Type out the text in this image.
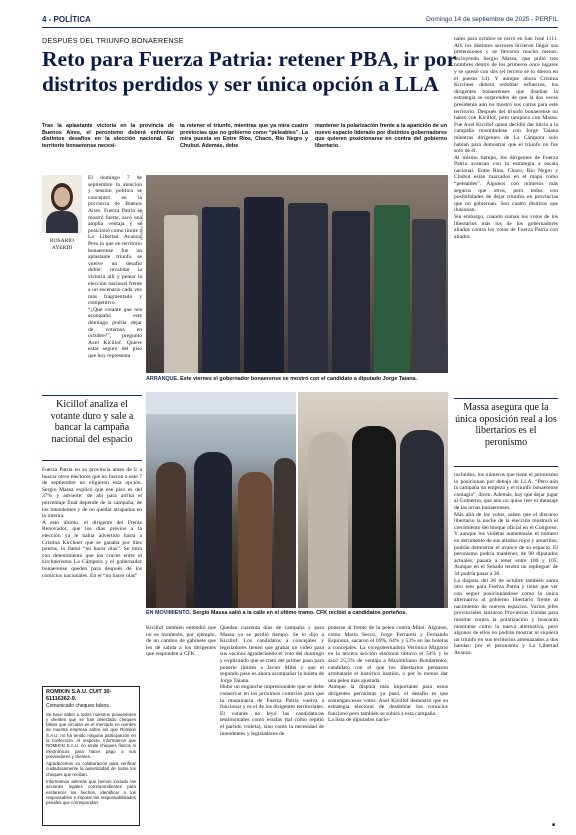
4 - POLÍTICA	Domingo 14 de septiembre de 2025 - PERFIL
DESPUÉS DEL TRIUNFO BONAERENSE
Reto para Fuerza Patria: retener PBA, ir por distritos perdidos y ser única opción a LLA

Tras la aplastante victoria en la provincia de Buenos Aires, el peronismo deberá enfrentar distintos desafíos en la elección nacional. En territorio bonaerense necesi-

ta retener el triunfo, mientras que ya mira cuatro provincias que no gobierno como “peleables”. La mira puesta en Entre Ríos, Chaco, Río Negro y Chubut. Además, debe

mantener la polarización frente a la aparición de un nuevo espacio liderado por distintos gobernadores que quieren posicionarse en contra del gobierno libertario.

ROSARIO
AYERDI

El domingo 7 de septiembre la atención y tensión política se concentró en la provincia de Buenos Aires. Fuerza Patria se mostró fuerte, sacó una amplia ventaja y se posicionó como límite a La Libertad Avanza. Pero lo que en territorio bonaerense fue un aplastante triunfo se vuelve un desafío doble: revalidar la victoria allí y pelear la elección nacional frente a un escenario cada vez más fragmentado y competitivo.
“¿Qué votante que nos acompañó este domingo podría dejar de votarnos en octubre?”, preguntó Axel Kicillof. Quiere estar seguro del piso que hoy representa

PRENSA KICILLOF
ARRANQUE. Este viernes el gobernador bonaerense se mostró con el candidato a diputado Jorge Taiana.
Kicillof analiza el votante duro y sale a bancar la campaña nacional del espacio

Fuerza Patria en su provincia antes de ir a buscar otros electores que no fueron o este 7 de septiembre no eligieron esta opción. Sergio Massa explicó que ese piso es del 37% y advierte: de ahí para arriba el porcentaje final depende de la campaña, de los intendentes y de no quedar atrapados en la interna.
A esto último, el dirigente del Frente Renovador, que los días previos a la elección ya le había advertido hasta a Cristina Kirchner que se ganaba por diez puntos, lo llamó “no hacer olas”. Se mira con detenimiento que los cruces entre el kirchnerismo La Cámpora y el gobernador bonaerense queden para después de los comicios nacionales. En el “no hacer olas”

EN MOVIMIENTO. Sergio Massa salió a la calle en el último tramo. CFK recibió a candidatos porteños.

Kicillof también entendió que no es momento, por ejemplo, de un cambio de gabinete que les dé salida a los dirigentes que responden a CFK.

Quedan cuarenta días de campaña y para Massa ya se perdió tiempo. Se lo dijo a Kicillof. Los candidatos a concejales y legisladores tienen que grabar un video para sus vecinos agradeciendo el voto del domingo y explicando que se trató del primer paso para ponerle límites a Javier Milei y que el segundo paso es ahora acompañar la boleta de Jorge Taiana.
Hubo un enganche impresionable que se debe conservar en los próximos comicios para que la maquinaria de Fuerza Patria vuelva a funcionar y es el de los dirigentes territoriales. El votante no leyó las candidaturas testimoniales como estafas (tal como repitió el partido violeta), sino como la necesidad de intendentes y legisladores de

ponerse al frente de la pelea contra Milei. Algunos, como Mario Secco, Jorge Ferraresi y Fernando Espinoza, sacaron el 69%, 64% y 53% en las boletas a concejales. La vicegobernadora Verónica Magario en la tercera sección electoral obtuvo el 54% y le sacó 25,5% de ventaja a Maximiliano Bondarenko, candidato con el que los libertarios pensaron arrebatarle el histórico bastión, o por lo menos dar una pelea más ajustada.
Aunque la disputa más importante para estos dirigentes peronistas ya pasó, el desafío es que sostengan esos votos. Axel Kicillof demostró que su estrategia electoral de desdoblar los comicios funcionó pero también se subirá a esta campaña.
La lista de diputados nacio-

nales para octubre se cerró en San José 1111. Allí los distintos sectores hicieron llegar sus pretensiones y se llevaron mucho menos. Incluyendo Sergio Massa, que pidió tres nombres dentro de los primeros once lugares y se quedó con dos (el tercero se lo dieron en el puesto 14). Y aunque ahora Cristina Kirchner deberá redoblar esfuerzos, los dirigentes bonaerenses que diseñan la estrategia se sorprenden de que la dos veces presidenta aún no mostró sus cartas para este territorio. Después del triunfo bonaerense no habló con Kicillof, pero tampoco con Massa. Fue Axel Kicillof quien decidió dar inicio a la campaña mostrándose con Jorge Taiana mientras dirigentes de La Cámpora solo hablan para demostrar que el triunfo no fue solo de él.
Al mismo tiempo, los dirigentes de Fuerza Patria avanzan con la estrategia a escala nacional. Entre Ríos, Chaco, Río Negro y Chubut están marcados en el mapa como “peleables”. Algunos con números más seguros que otros, pero todos con posibilidades de dejar triunfos en provincias que no gobiernan. Son cuatro distritos que ilusionan.
Sin embargo, cuando suman los votos de los libertarios más los de los gobernadores aliados contra los votos de Fuerza Patria con aliados

Massa asegura que la única oposición real a los libertarios es el peronismo

incluidos, los números que tiene el peronismo lo posicionan por debajo de LLA. “Pero aún la campaña no empezó y el triunfo bonaerense contagia”, dicen. Además, hay que dejar jugar al Gobierno, que aún no quiso leer el mensaje de las urnas bonaerenses.
Más allá de los votos, saben que el discurso libertario la noche de la elección mostrará el crecimiento del bloque oficial en el Congreso. Y aunque los violetas aumentarán el número en detrimento de sus aliados rojos y amarillos, podrán demostrar el avance de su espacio. El peronismo podría mantener, de 98 diputados actuales, pasará a tener entre 100 y 105. Aunque en el Senado tendrá un repliegue: de 34 podría pasar a 30.
La disputa del 26 de octubre también suma otro reto para Fuerza Patria y tiene que ver con seguir posicionándose como la única alternativa al gobierno libertario frente al nacimiento de nuevos espacios. Varios jefes provinciales lanzaron Provincias Unidas para mostrar contra la polarización y buscarán mostrarse como la nueva alternativa, pero algunos de ellos no podrán mostrar ni siquiera un triunfo en sus territorios amenazados a dos bandas: por el peronismo y La Libertad Avanza.

■
ROMIKIN S.A.U. CUIT 30-61116362-9.
Comunicado cheques falsos.

Se hace saber a todos nuestros proveedores y clientes que se han detectado cheques falsos que circulan en el mercado en nombre de nuestra empresa sobre los que Romikin S.A.U. no ha tenido ninguna participación en la confección. Al respecto, informamos que ROMIKIN S.A.U. no emite cheques físicos ni electrónicos para hacer pago a sus proveedores y clientes.

Agradecemos su colaboración para verificar cuidadosamente la autenticidad de todos los cheques que reciban.

Informamos además que hemos iniciado las acciones legales correspondientes para esclarecer los hechos, identificar a los responsables e imputar las responsabilidades penales que correspondan.
